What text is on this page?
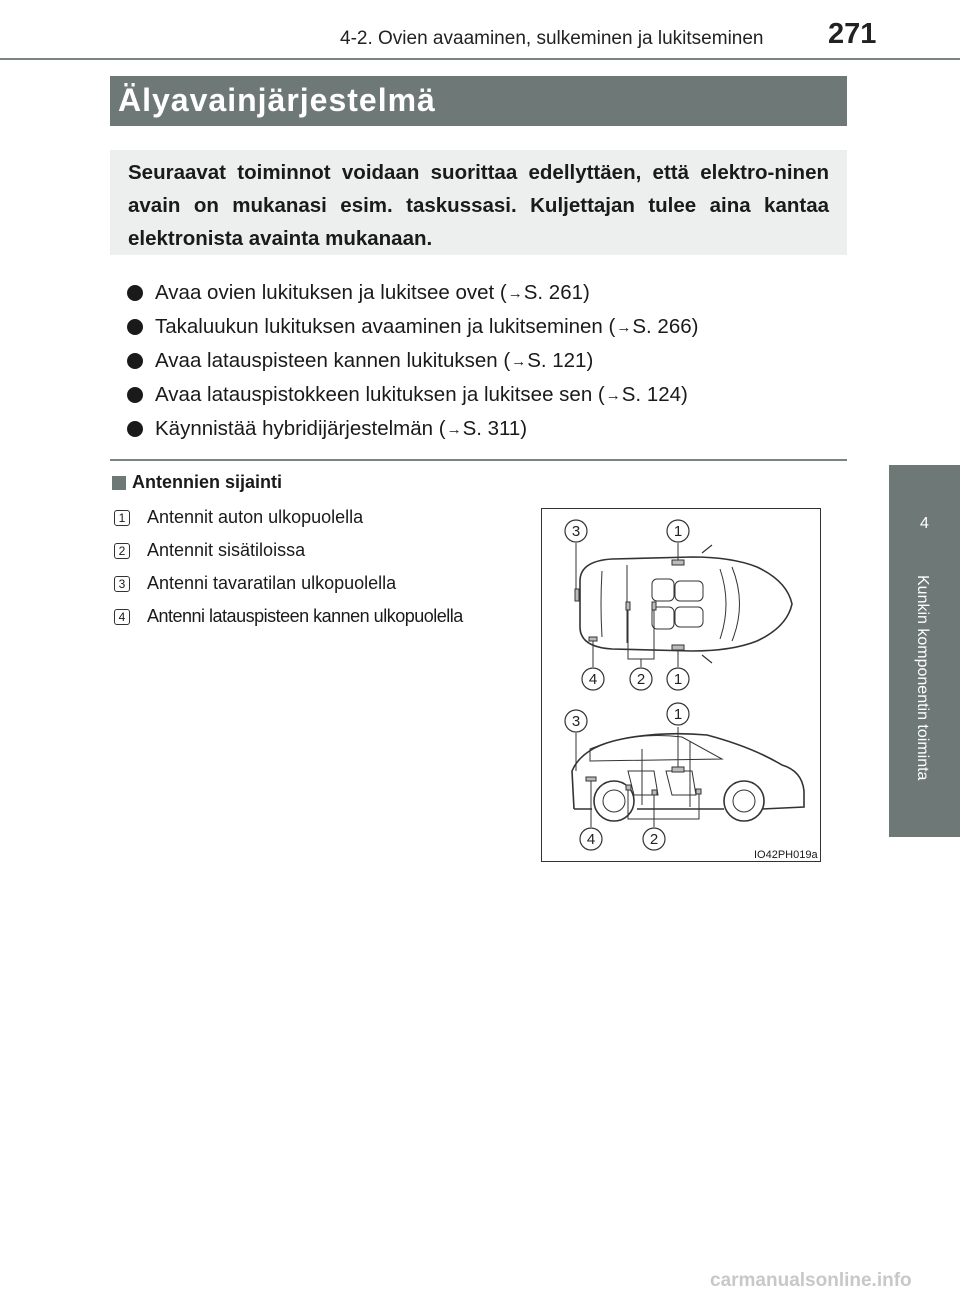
4-2. Ovien avaaminen, sulkeminen ja lukitseminen 271
4
Kunkin komponentin toiminta
Älyavainjärjestelmä
Seuraavat toiminnot voidaan suorittaa edellyttäen, että elektro-ninen avain on mukanasi esim. taskussasi. Kuljettajan tulee aina kantaa elektronista avainta mukanaan.
Avaa ovien lukituksen ja lukitsee ovet ( → S. 261)
Takaluukun lukituksen avaaminen ja lukitseminen ( → S. 266)
Avaa latauspisteen kannen lukituksen ( → S. 121)
Avaa latauspistokkeen lukituksen ja lukitsee sen ( → S. 124)
Käynnistää hybridijärjestelmän ( → S. 311)
Antennien sijainti
1 Antennit auton ulkopuolella
2 Antennit sisätiloissa
3 Antenni tavaratilan ulkopuolella
4 Antenni latauspisteen kannen ulkopuolella
3	1
4	2 1
3	1
4	2
IO42PH019a
carmanualsonline.info
